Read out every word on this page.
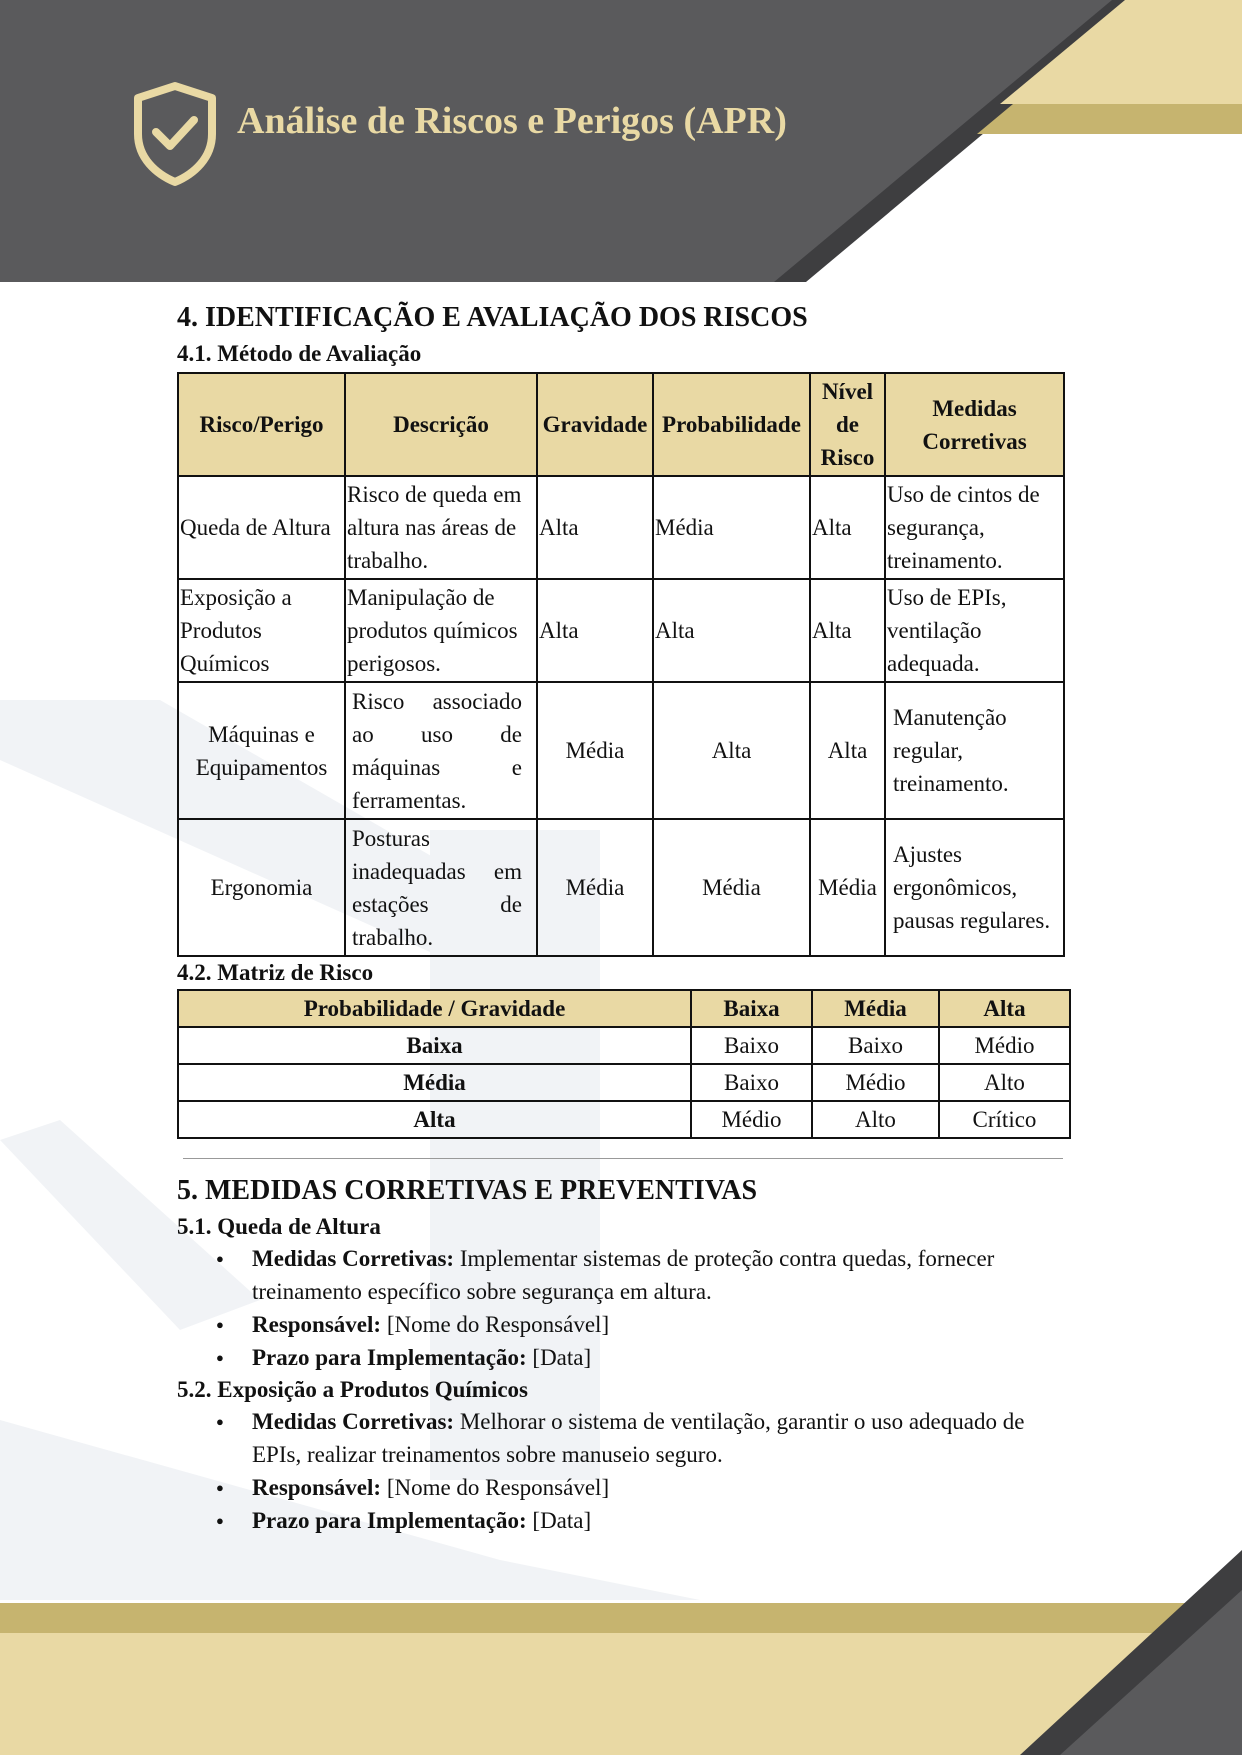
Análise de Riscos e Perigos (APR)
4. IDENTIFICAÇÃO E AVALIAÇÃO DOS RISCOS
4.1. Método de Avaliação
Risco/Perigo	Descrição	Gravidade	Probabilidade	Nível de Risco	Medidas Corretivas
Queda de Altura	Risco de queda em altura nas áreas de trabalho.	Alta	Média	Alta	Uso de cintos de segurança, treinamento.
Exposição a Produtos Químicos	Manipulação de produtos químicos perigosos.	Alta	Alta	Alta	Uso de EPIs, ventilação adequada.
Máquinas e Equipamentos	Risco associado ao uso de máquinas e ferramentas.	Média	Alta	Alta	Manutenção regular, treinamento.
Ergonomia	Posturas inadequadas em estações de trabalho.	Média	Média	Média	Ajustes ergonômicos, pausas regulares.
4.2. Matriz de Risco
Probabilidade / Gravidade	Baixa	Média	Alta
Baixa	Baixo	Baixo	Médio
Média	Baixo	Médio	Alto
Alta	Médio	Alto	Crítico
5. MEDIDAS CORRETIVAS E PREVENTIVAS
5.1. Queda de Altura
● Medidas Corretivas: Implementar sistemas de proteção contra quedas, fornecer treinamento específico sobre segurança em altura.
● Responsável: [Nome do Responsável]
● Prazo para Implementação: [Data]
5.2. Exposição a Produtos Químicos
● Medidas Corretivas: Melhorar o sistema de ventilação, garantir o uso adequado de EPIs, realizar treinamentos sobre manuseio seguro.
● Responsável: [Nome do Responsável]
● Prazo para Implementação: [Data]
